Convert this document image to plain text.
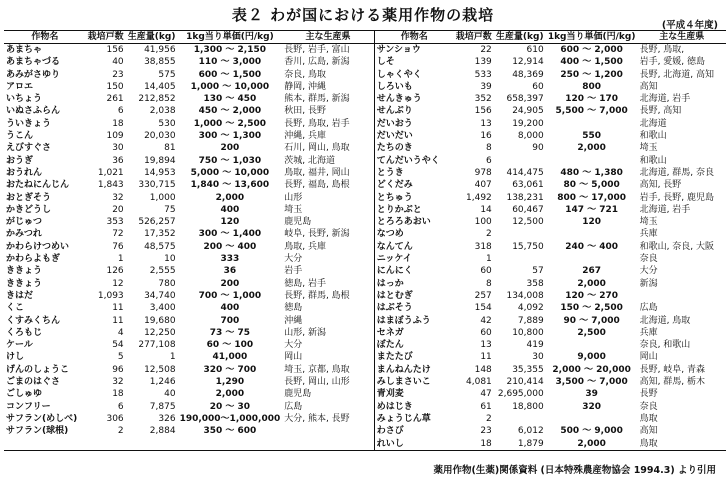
表２ わが国における薬用作物の栽培
(平成４年度)
作物名	栽培戸数	生産量(kg)	1kg当り単価(円/kg)	主な生産県	作物名	栽培戸数	生産量(kg)	1kg当り単価(円/kg)	主な生産県
あまちゃ	156	41,956	1,300 ～ 2,150	長野, 岩手, 富山	サンショウ	22	610	600 ～ 2,000	長野, 鳥取,
あまちゃづる	40	38,855	110 ～ 3,000	香川, 広島, 新潟	しそ	139	12,914	400 ～ 1,500	岩手, 愛媛, 徳島
あみがさゆり	23	575	600 ～ 1,500	奈良, 鳥取	しゃくやく	533	48,369	250 ～ 1,200	長野, 北海道, 高知
アロエ	150	14,405	1,000 ～ 10,000	静岡, 沖縄	しろいも	39	60	800	高知
いちょう	261	212,852	130 ～ 450	熊本, 群馬, 新潟	せんきゅう	352	658,397	120 ～ 170	北海道, 岩手
いぬさふらん	6	2,038	450 ～ 2,000	秋田, 長野	せんぶり	156	24,905	5,500 ～ 7,000	長野, 高知
ういきょう	18	530	1,000 ～ 2,500	長野, 鳥取, 岩手	だいおう	13	19,200		北海道
うこん	109	20,030	300 ～ 1,300	沖縄, 兵庫	だいだい	16	8,000	550	和歌山
えびすぐさ	30	81	200	石川, 岡山, 鳥取	たちのき	8	90	2,000	埼玉
おうぎ	36	19,894	750 ～ 1,030	茨城, 北海道	てんだいうやく	6			和歌山
おうれん	1,021	14,953	5,000 ～ 10,000	鳥取, 福井, 岡山	とうき	978	414,475	480 ～ 1,380	北海道, 群馬, 奈良
おたねにんじん	1,843	330,715	1,840 ～ 13,600	長野, 福島, 島根	どくだみ	407	63,061	80 ～ 5,000	高知, 長野
おとぎそう	32	1,000	2,000	山形	とちゅう	1,492	138,231	800 ～ 17,000	岩手, 長野, 鹿児島
かきどうし	20	75	400	埼玉	とりかぶと	14	60,467	147 ～ 721	北海道, 岩手
がじゅつ	353	526,257	120	鹿児島	とろろあおい	100	12,500	120	埼玉
かみつれ	72	17,352	300 ～ 1,400	岐阜, 長野, 新潟	なつめ	2			兵庫
かわらけつめい	76	48,575	200 ～ 400	鳥取, 兵庫	なんてん	318	15,750	240 ～ 400	和歌山, 奈良, 大阪
かわらよもぎ	1	10	333	大分	ニッケイ	1			奈良
ききょう	126	2,555	36	岩手	にんにく	60	57	267	大分
ききょう	12	780	200	徳島, 岩手	はっか	8	358	2,000	新潟
きはだ	1,093	34,740	700 ～ 1,000	長野, 群馬, 島根	はとむぎ	257	134,008	120 ～ 270	
くこ	11	3,400	400	徳島	はぶそう	154	4,092	150 ～ 2,500	広島
くすみくちん	11	19,680	700	沖縄	はまぼうふう	42	7,889	90 ～ 7,000	北海道, 鳥取
くろもじ	4	12,250	73 ～ 75	山形, 新潟	セネガ	60	10,800	2,500	兵庫
ケール	54	277,108	60 ～ 100	大分	ぼたん	13	419		奈良, 和歌山
けし	5	1	41,000	岡山	またたび	11	30	9,000	岡山
げんのしょうこ	96	12,508	320 ～ 700	埼玉, 京都, 鳥取	まんねんたけ	148	35,355	2,000 ～ 20,000	長野, 岐阜, 青森
ごまのはぐさ	32	1,246	1,290	長野, 岡山, 山形	みしまさいこ	4,081	210,414	3,500 ～ 7,000	高知, 群馬, 栃木
ごしゅゆ	18	40	2,000	鹿児島	青刈麦	47	2,695,000	39	長野
コンフリー	6	7,875	20 ～ 30	広島	めはじき	61	18,800	320	奈良
サフラン(めしべ)	306	326	190,000～1,000,000	大分, 熊本, 長野	みょうじん草	2			鳥取
サフラン(球根)	2	2,884	350 ～ 600		わさび	23	6,012	500 ～ 9,000	高知
					れいし	18	1,879	2,000	鳥取
薬用作物(生薬)関係資料 (日本特殊農産物協会 1994.3) より引用
